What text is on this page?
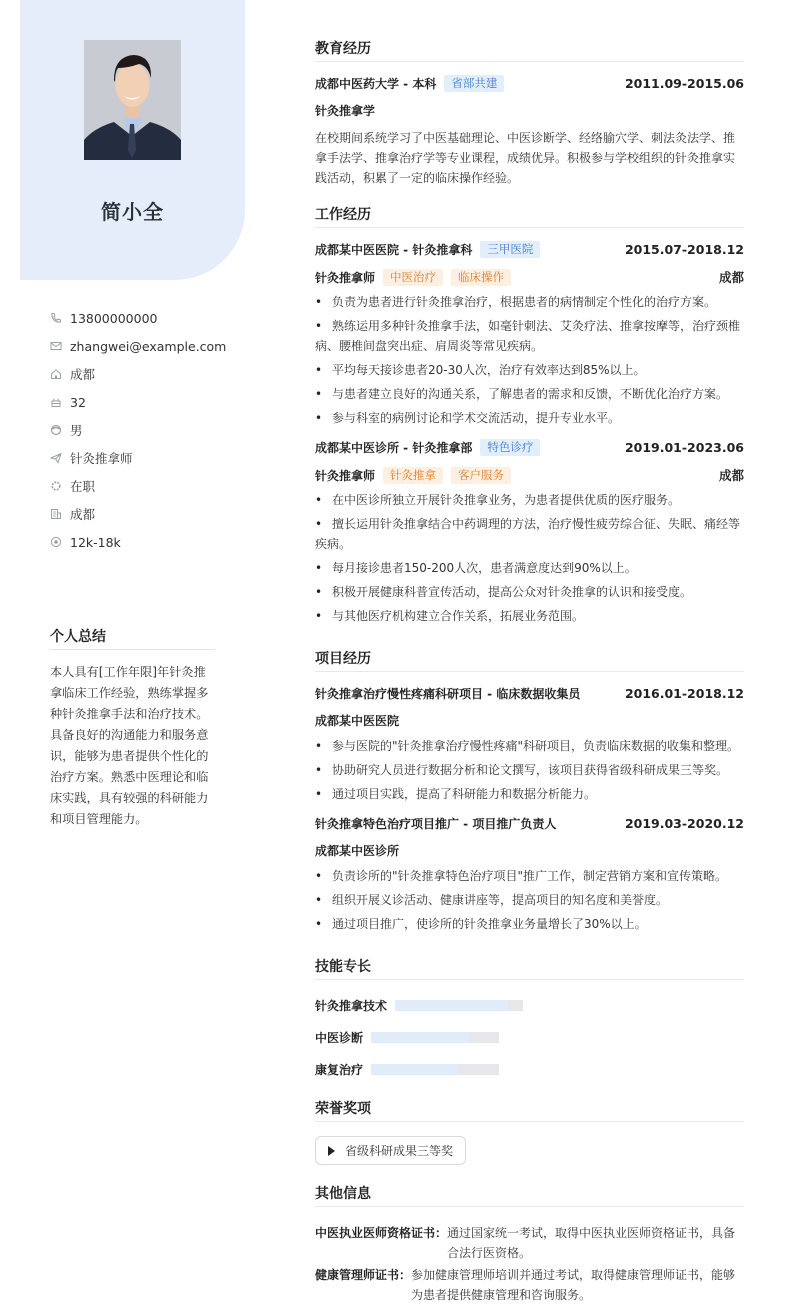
简小全
13800000000
zhangwei@example.com
成都
32
男
针灸推拿师
在职
成都
12k-18k
个人总结
本人具有[工作年限]年针灸推拿临床工作经验，熟练掌握多种针灸推拿手法和治疗技术。具备良好的沟通能力和服务意识，能够为患者提供个性化的治疗方案。熟悉中医理论和临床实践，具有较强的科研能力和项目管理能力。
教育经历
成都中医药大学 - 本科	省部共建	2011.09-2015.06
针灸推拿学
在校期间系统学习了中医基础理论、中医诊断学、经络腧穴学、刺法灸法学、推拿手法学、推拿治疗学等专业课程，成绩优异。积极参与学校组织的针灸推拿实践活动，积累了一定的临床操作经验。
工作经历
成都某中医医院 - 针灸推拿科	三甲医院	2015.07-2018.12
针灸推拿师	中医治疗	临床操作	成都
• 负责为患者进行针灸推拿治疗，根据患者的病情制定个性化的治疗方案。
• 熟练运用多种针灸推拿手法，如毫针刺法、艾灸疗法、推拿按摩等，治疗颈椎病、腰椎间盘突出症、肩周炎等常见疾病。
• 平均每天接诊患者20-30人次，治疗有效率达到85%以上。
• 与患者建立良好的沟通关系，了解患者的需求和反馈，不断优化治疗方案。
• 参与科室的病例讨论和学术交流活动，提升专业水平。
成都某中医诊所 - 针灸推拿部	特色诊疗	2019.01-2023.06
针灸推拿师	针灸推拿	客户服务	成都
• 在中医诊所独立开展针灸推拿业务，为患者提供优质的医疗服务。
• 擅长运用针灸推拿结合中药调理的方法，治疗慢性疲劳综合征、失眠、痛经等疾病。
• 每月接诊患者150-200人次，患者满意度达到90%以上。
• 积极开展健康科普宣传活动，提高公众对针灸推拿的认识和接受度。
• 与其他医疗机构建立合作关系，拓展业务范围。
项目经历
针灸推拿治疗慢性疼痛科研项目 - 临床数据收集员	2016.01-2018.12
成都某中医医院
• 参与医院的"针灸推拿治疗慢性疼痛"科研项目，负责临床数据的收集和整理。
• 协助研究人员进行数据分析和论文撰写，该项目获得省级科研成果三等奖。
• 通过项目实践，提高了科研能力和数据分析能力。
针灸推拿特色治疗项目推广 - 项目推广负责人	2019.03-2020.12
成都某中医诊所
• 负责诊所的"针灸推拿特色治疗项目"推广工作，制定营销方案和宣传策略。
• 组织开展义诊活动、健康讲座等，提高项目的知名度和美誉度。
• 通过项目推广，使诊所的针灸推拿业务量增长了30%以上。
技能专长
针灸推拿技术
中医诊断
康复治疗
荣誉奖项
省级科研成果三等奖
其他信息
中医执业医师资格证书： 通过国家统一考试，取得中医执业医师资格证书，具备合法行医资格。
健康管理师证书： 参加健康管理师培训并通过考试，取得健康管理师证书，能够为患者提供健康管理和咨询服务。
